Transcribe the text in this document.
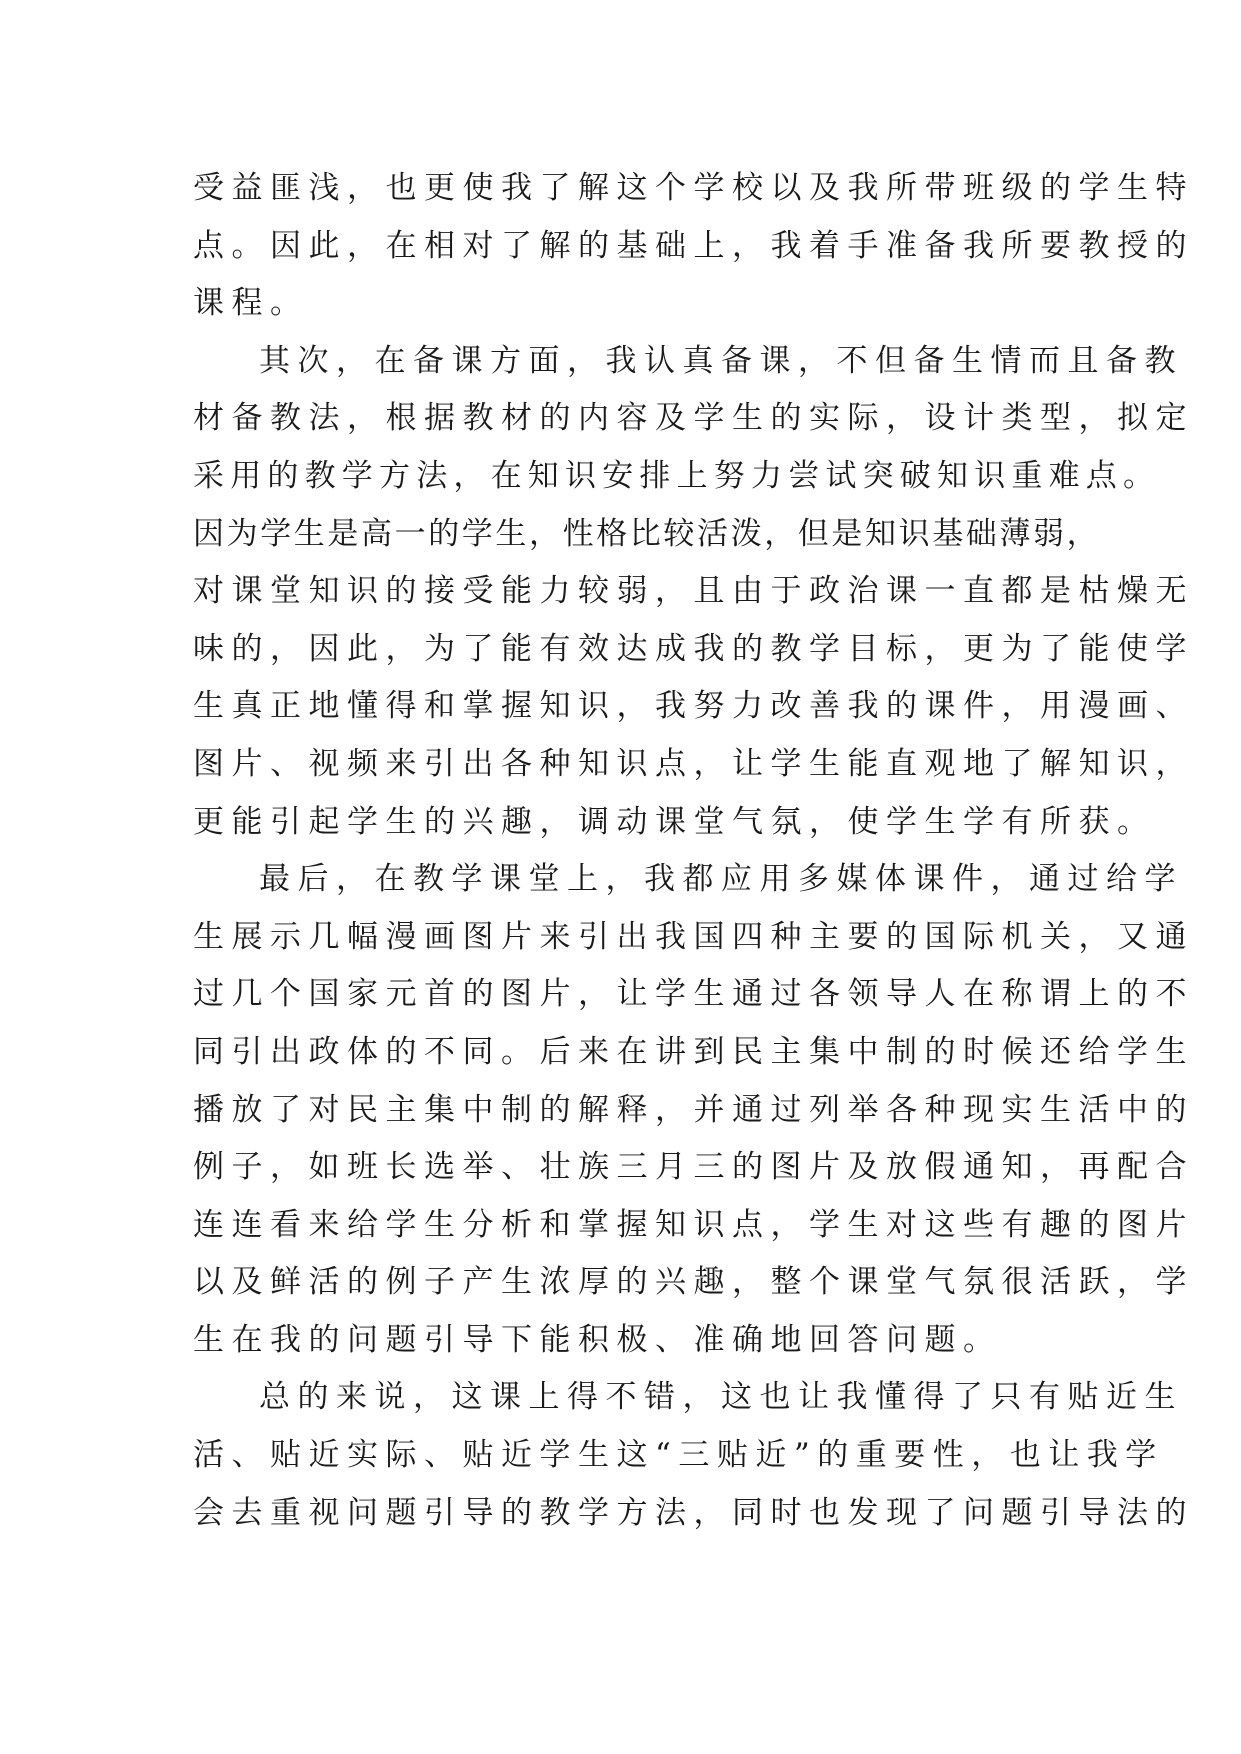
受益匪浅，也更使我了解这个学校以及我所带班级的学生特
点。因此，在相对了解的基础上，我着手准备我所要教授的
课程。
其次，在备课方面，我认真备课，不但备生情而且备教
材备教法，根据教材的内容及学生的实际，设计类型，拟定
采用的教学方法，在知识安排上努力尝试突破知识重难点。
因为学生是高一的学生，性格比较活泼，但是知识基础薄弱，
对课堂知识的接受能力较弱，且由于政治课一直都是枯燥无
味的，因此，为了能有效达成我的教学目标，更为了能使学
生真正地懂得和掌握知识，我努力改善我的课件，用漫画、
图片、视频来引出各种知识点，让学生能直观地了解知识，
更能引起学生的兴趣，调动课堂气氛，使学生学有所获。
最后，在教学课堂上，我都应用多媒体课件，通过给学
生展示几幅漫画图片来引出我国四种主要的国际机关，又通
过几个国家元首的图片，让学生通过各领导人在称谓上的不
同引出政体的不同。后来在讲到民主集中制的时候还给学生
播放了对民主集中制的解释，并通过列举各种现实生活中的
例子，如班长选举、壮族三月三的图片及放假通知，再配合
连连看来给学生分析和掌握知识点，学生对这些有趣的图片
以及鲜活的例子产生浓厚的兴趣，整个课堂气氛很活跃，学
生在我的问题引导下能积极、准确地回答问题。
总的来说，这课上得不错，这也让我懂得了只有贴近生
活、贴近实际、贴近学生这“三贴近”的重要性，也让我学
会去重视问题引导的教学方法，同时也发现了问题引导法的
